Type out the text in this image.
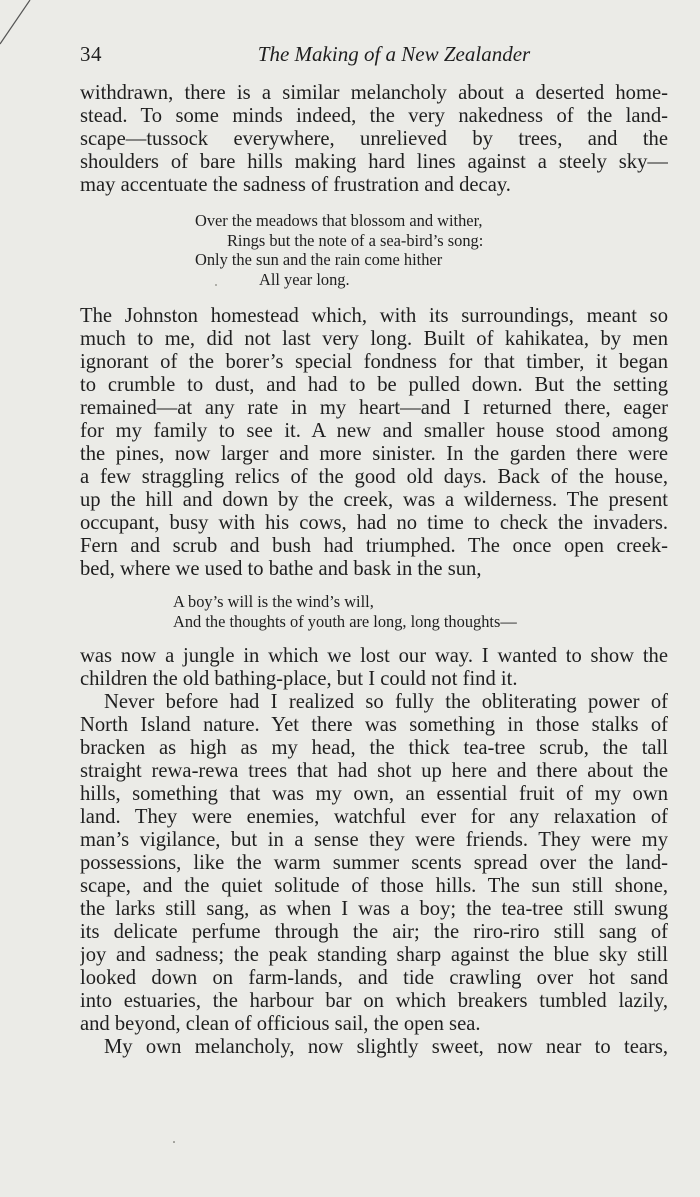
34	The Making of a New Zealander
withdrawn, there is a similar melancholy about a deserted home-
stead. To some minds indeed, the very nakedness of the land-
scape—tussock everywhere, unrelieved by trees, and the
shoulders of bare hills making hard lines against a steely sky—
may accentuate the sadness of frustration and decay.
Over the meadows that blossom and wither,
Rings but the note of a sea-bird’s song:
Only the sun and the rain come hither
All year long.
The Johnston homestead which, with its surroundings, meant so
much to me, did not last very long. Built of kahikatea, by men
ignorant of the borer’s special fondness for that timber, it began
to crumble to dust, and had to be pulled down. But the setting
remained—at any rate in my heart—and I returned there, eager
for my family to see it. A new and smaller house stood among
the pines, now larger and more sinister. In the garden there were
a few straggling relics of the good old days. Back of the house,
up the hill and down by the creek, was a wilderness. The present
occupant, busy with his cows, had no time to check the invaders.
Fern and scrub and bush had triumphed. The once open creek-
bed, where we used to bathe and bask in the sun,
A boy’s will is the wind’s will,
And the thoughts of youth are long, long thoughts—
was now a jungle in which we lost our way. I wanted to show the
children the old bathing-place, but I could not find it.
Never before had I realized so fully the obliterating power of
North Island nature. Yet there was something in those stalks of
bracken as high as my head, the thick tea-tree scrub, the tall
straight rewa-rewa trees that had shot up here and there about the
hills, something that was my own, an essential fruit of my own
land. They were enemies, watchful ever for any relaxation of
man’s vigilance, but in a sense they were friends. They were my
possessions, like the warm summer scents spread over the land-
scape, and the quiet solitude of those hills. The sun still shone,
the larks still sang, as when I was a boy; the tea-tree still swung
its delicate perfume through the air; the riro-riro still sang of
joy and sadness; the peak standing sharp against the blue sky still
looked down on farm-lands, and tide crawling over hot sand
into estuaries, the harbour bar on which breakers tumbled lazily,
and beyond, clean of officious sail, the open sea.
My own melancholy, now slightly sweet, now near to tears,
